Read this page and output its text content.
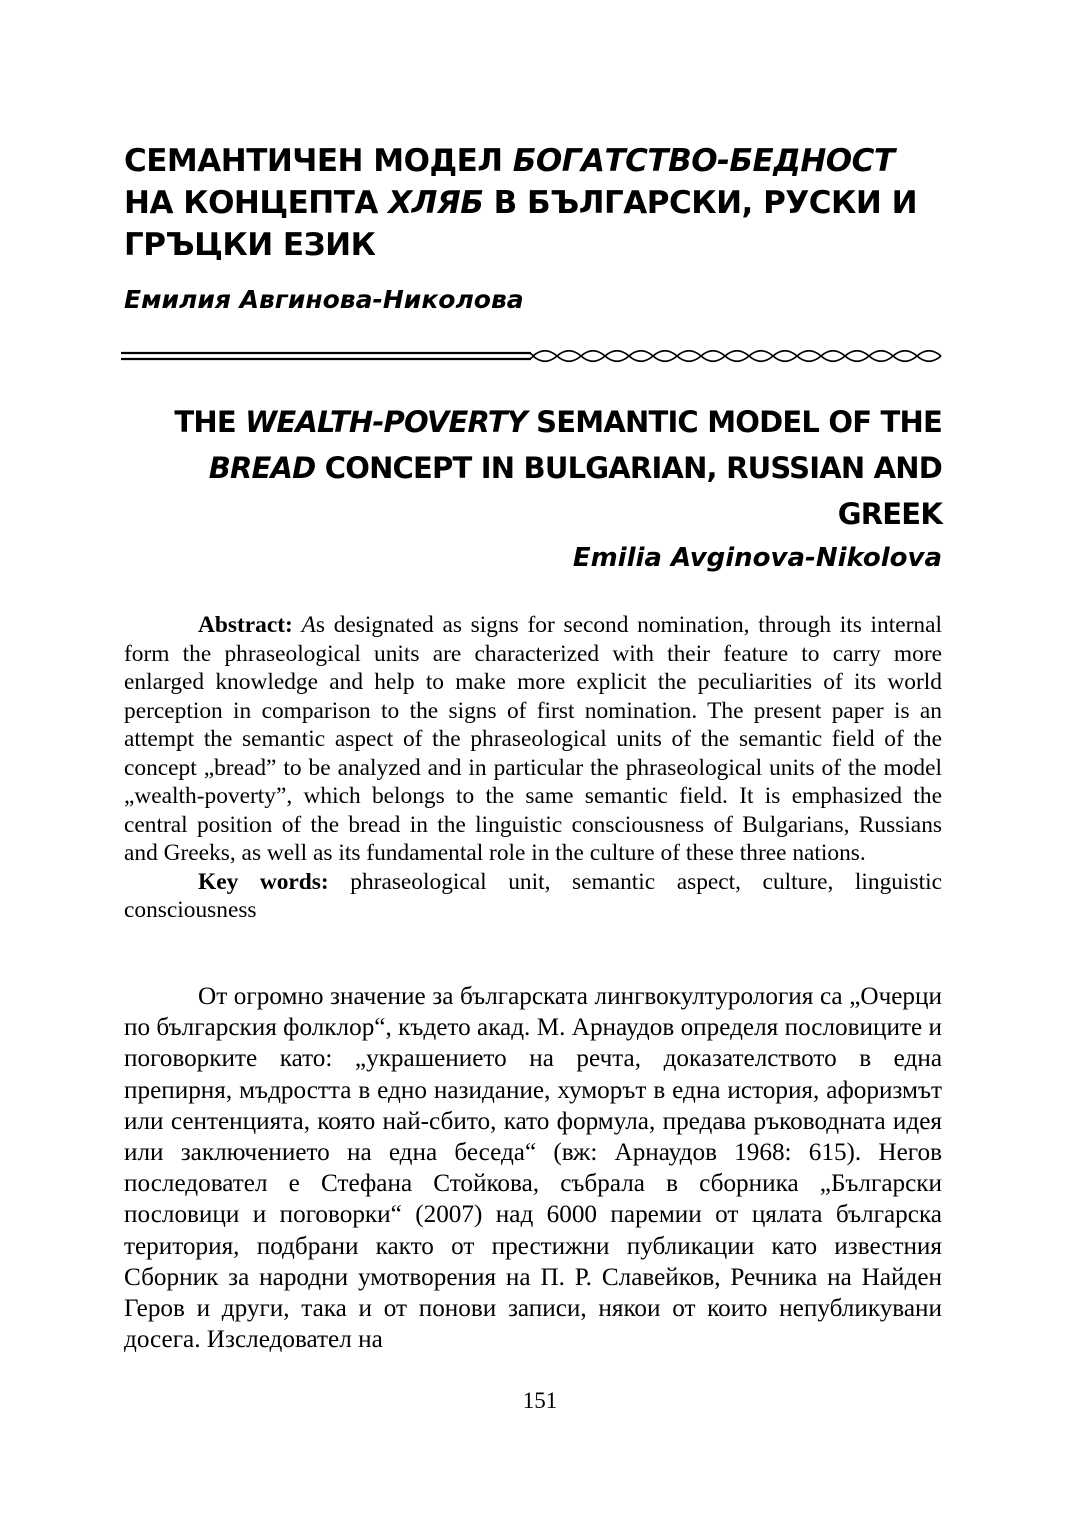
СЕМАНТИЧЕН МОДЕЛ БОГАТСТВО-БЕДНОСТ НА КОНЦЕПТА ХЛЯБ В БЪЛГАРСКИ, РУСКИ И ГРЪЦКИ ЕЗИК

Емилия Авгинова-Николова

THE WEALTH-POVERTY SEMANTIC MODEL OF THE BREAD CONCEPT IN BULGARIAN, RUSSIAN AND GREEK

Emilia Avginova-Nikolova

Abstract: As designated as signs for second nomination, through its internal form the phraseological units are characterized with their feature to carry more enlarged knowledge and help to make more explicit the peculiarities of its world perception in comparison to the signs of first nomination. The present paper is an attempt the semantic aspect of the phraseological units of the semantic field of the concept „bread” to be analyzed and in particular the phraseological units of the model „wealth-poverty”, which belongs to the same semantic field. It is emphasized the central position of the bread in the linguistic consciousness of Bulgarians, Russians and Greeks, as well as its fundamental role in the culture of these three nations.
Key words: phraseological unit, semantic aspect, culture, linguistic consciousness
От огромно значение за българската лингвокултурология са „Очерци по българския фолклор“, където акад. М. Арнаудов определя пословиците и поговорките като: „украшението на речта, доказателството в една препирня, мъдростта в едно назидание, хуморът в една история, афоризмът или сентенцията, която най-сбито, като формула, предава ръководната идея или заключението на една беседа“ (вж: Арнаудов 1968: 615). Негов последовател е Стефана Стойкова, събрала в сборника „Български пословици и поговорки“ (2007) над 6000 паремии от цялата българска територия, подбрани както от престижни публикации като известния Сборник за народни умотворения на П. Р. Славейков, Речника на Найден Геров и други, така и от понови записи, някои от които непубликувани досега. Изследовател на

151
